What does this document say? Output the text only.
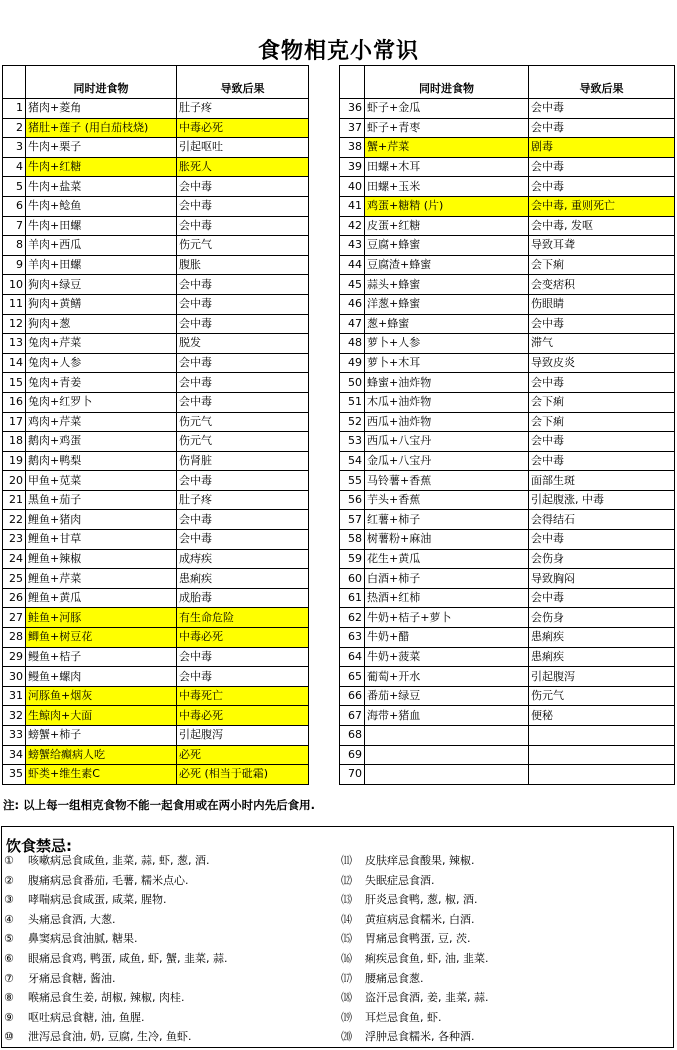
食物相克小常识
	同时进食物	导致后果
1	猪肉+菱角	肚子疼
2	猪肚+莲子 (用白茄枝烧)	中毒必死
3	牛肉+栗子	引起呕吐
4	牛肉+红糖	胀死人
5	牛肉+盐菜	会中毒
6	牛肉+鲶鱼	会中毒
7	牛肉+田螺	会中毒
8	羊肉+西瓜	伤元气
9	羊肉+田螺	腹胀
10	狗肉+绿豆	会中毒
11	狗肉+黄鳝	会中毒
12	狗肉+葱	会中毒
13	兔肉+芹菜	脱发
14	兔肉+人参	会中毒
15	兔肉+青姜	会中毒
16	兔肉+红罗卜	会中毒
17	鸡肉+芹菜	伤元气
18	鹅肉+鸡蛋	伤元气
19	鹅肉+鸭梨	伤肾脏
20	甲鱼+苋菜	会中毒
21	黑鱼+茄子	肚子疼
22	鲤鱼+猪肉	会中毒
23	鲤鱼+甘草	会中毒
24	鲤鱼+辣椒	成痔疾
25	鲤鱼+芹菜	患痢疾
26	鲤鱼+黄瓜	成胎毒
27	鲑鱼+河豚	有生命危险
28	鲫鱼+树豆花	中毒必死
29	鳗鱼+桔子	会中毒
30	鳗鱼+螺肉	会中毒
31	河豚鱼+烟灰	中毒死亡
32	生鲸肉+大面	中毒必死
33	螃蟹+柿子	引起腹泻
34	螃蟹给癫病人吃	必死
35	虾类+维生素C	必死 (相当于砒霜)
	同时进食物	导致后果
36	虾子+金瓜	会中毒
37	虾子+青枣	会中毒
38	蟹+芹菜	剧毒
39	田螺+木耳	会中毒
40	田螺+玉米	会中毒
41	鸡蛋+糖精 (片)	会中毒, 重则死亡
42	皮蛋+红糖	会中毒, 发呕
43	豆腐+蜂蜜	导致耳聋
44	豆腐渣+蜂蜜	会下痢
45	蒜头+蜂蜜	会变痞积
46	洋葱+蜂蜜	伤眼睛
47	葱+蜂蜜	会中毒
48	萝卜+人参	滞气
49	萝卜+木耳	导致皮炎
50	蜂蜜+油炸物	会中毒
51	木瓜+油炸物	会下痢
52	西瓜+油炸物	会下痢
53	西瓜+八宝丹	会中毒
54	金瓜+八宝丹	会中毒
55	马铃薯+香蕉	面部生斑
56	芋头+香蕉	引起腹涨, 中毒
57	红薯+柿子	会得结石
58	树薯粉+麻油	会中毒
59	花生+黄瓜	会伤身
60	白酒+柿子	导致胸闷
61	热酒+红柿	会中毒
62	牛奶+桔子+萝卜	会伤身
63	牛奶+醋	患痢疾
64	牛奶+菠菜	患痢疾
65	葡萄+开水	引起腹泻
66	番茄+绿豆	伤元气
67	海带+猪血	便秘
68		
69		
70		
注: 以上每一组相克食物不能一起食用或在两小时内先后食用.
饮食禁忌:
① 咳嗽病忌食咸鱼, 韭菜, 蒜, 虾, 葱, 酒.
② 腹痛病忌食番茄, 毛薯, 糯米点心.
③ 哮喘病忌食咸蛋, 咸菜, 腥物.
④ 头痛忌食酒, 大葱.
⑤ 鼻窦病忌食油腻, 糖果.
⑥ 眼痛忌食鸡, 鸭蛋, 咸鱼, 虾, 蟹, 韭菜, 蒜.
⑦ 牙痛忌食糖, 酱油.
⑧ 喉痛忌食生姜, 胡椒, 辣椒, 肉桂.
⑨ 呕吐病忌食糖, 油, 鱼腥.
⑩ 泄泻忌食油, 奶, 豆腐, 生冷, 鱼虾.
⑾ 皮肤痒忌食酸果, 辣椒.
⑿ 失眠症忌食酒.
⒀ 肝炎忌食鸭, 葱, 椒, 酒.
⒁ 黄疸病忌食糯米, 白酒.
⒂ 胃痛忌食鸭蛋, 豆, 茨.
⒃ 痢疾忌食鱼, 虾, 油, 韭菜.
⒄ 腰痛忌食葱.
⒅ 盗汗忌食酒, 姜, 韭菜, 蒜.
⒆ 耳烂忌食鱼, 虾.
⒇ 浮肿忌食糯米, 各种酒.
